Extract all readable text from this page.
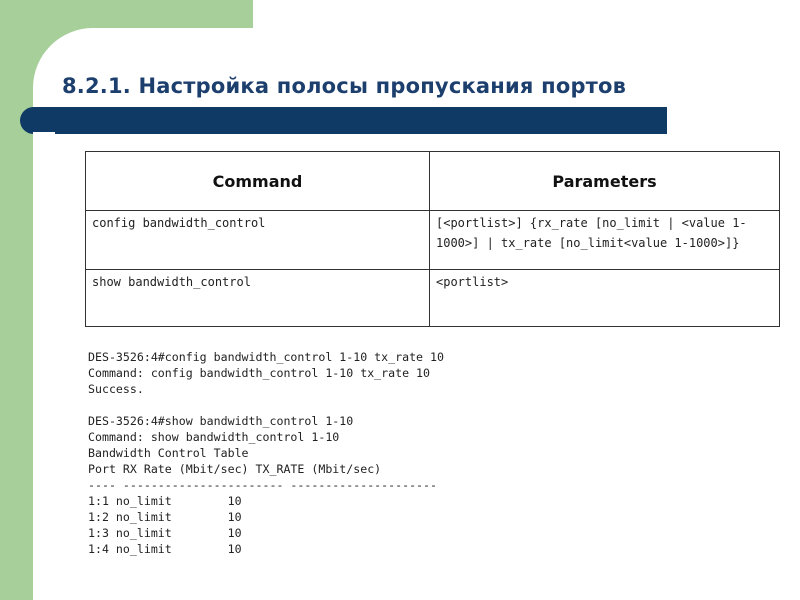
8.2.1. Настройка полосы пропускания портов
Command	Parameters
config bandwidth_control	[<portlist>] {rx_rate [no_limit | <value 1-1000>] | tx_rate [no_limit<value 1-1000>]}
show bandwidth_control	<portlist>

DES-3526:4#config bandwidth_control 1-10 tx_rate 10
Command: config bandwidth_control 1-10 tx_rate 10
Success.

DES-3526:4#show bandwidth_control 1-10
Command: show bandwidth_control 1-10
Bandwidth Control Table
Port RX Rate (Mbit/sec) TX_RATE (Mbit/sec)
---- ----------------------- ---------------------
1:1 no_limit        10
1:2 no_limit        10
1:3 no_limit        10
1:4 no_limit        10
